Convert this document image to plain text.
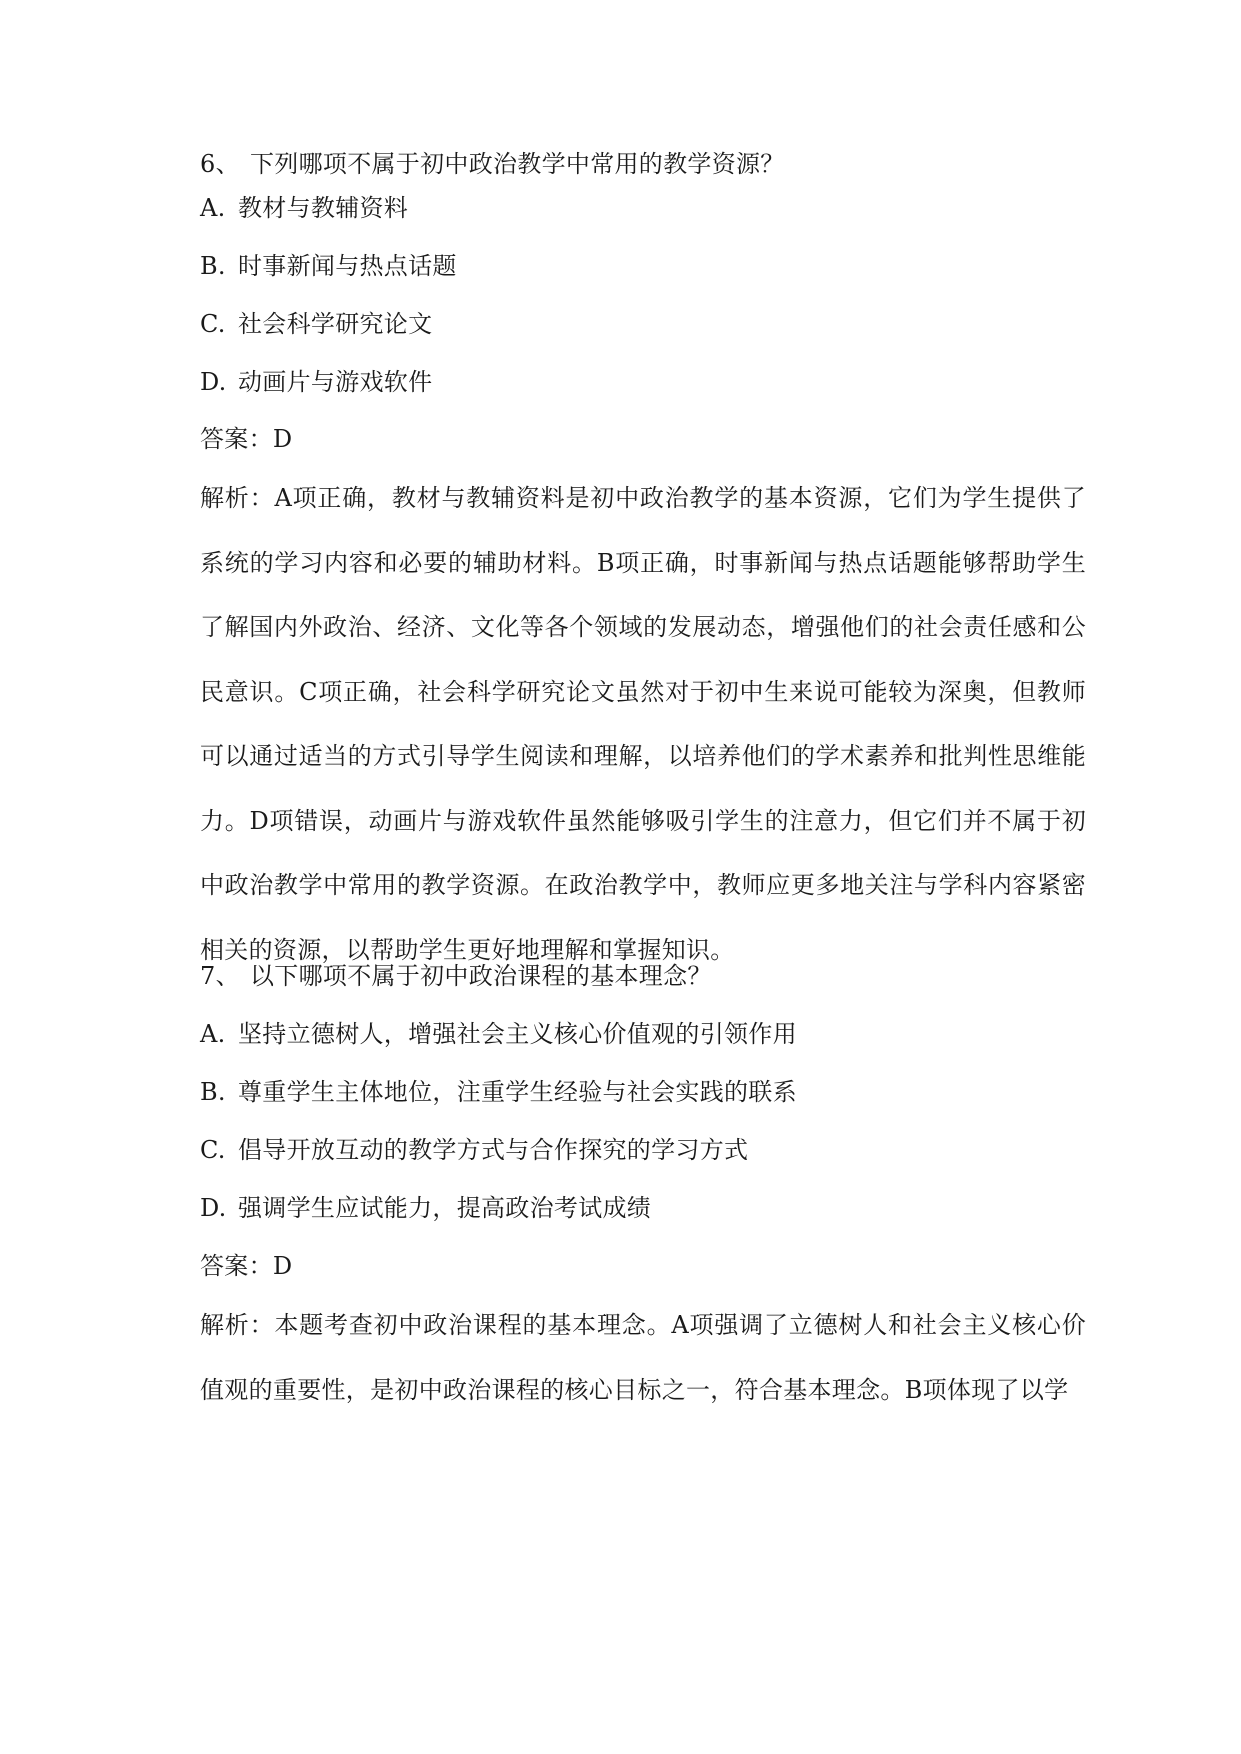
6、 下列哪项不属于初中政治教学中常用的教学资源？
A. 教材与教辅资料
B. 时事新闻与热点话题
C. 社会科学研究论文
D. 动画片与游戏软件
答案：D

解析：A项正确，教材与教辅资料是初中政治教学的基本资源，它们为学生提供了系统的学习内容和必要的辅助材料。B项正确，时事新闻与热点话题能够帮助学生了解国内外政治、经济、文化等各个领域的发展动态，增强他们的社会责任感和公民意识。C项正确，社会科学研究论文虽然对于初中生来说可能较为深奥，但教师可以通过适当的方式引导学生阅读和理解，以培养他们的学术素养和批判性思维能力。D项错误，动画片与游戏软件虽然能够吸引学生的注意力，但它们并不属于初中政治教学中常用的教学资源。在政治教学中，教师应更多地关注与学科内容紧密相关的资源，以帮助学生更好地理解和掌握知识。

7、 以下哪项不属于初中政治课程的基本理念？
A. 坚持立德树人，增强社会主义核心价值观的引领作用
B. 尊重学生主体地位，注重学生经验与社会实践的联系
C. 倡导开放互动的教学方式与合作探究的学习方式
D. 强调学生应试能力，提高政治考试成绩
答案：D

解析：本题考查初中政治课程的基本理念。A项强调了立德树人和社会主义核心价值观的重要性，是初中政治课程的核心目标之一，符合基本理念。B项体现了以学
